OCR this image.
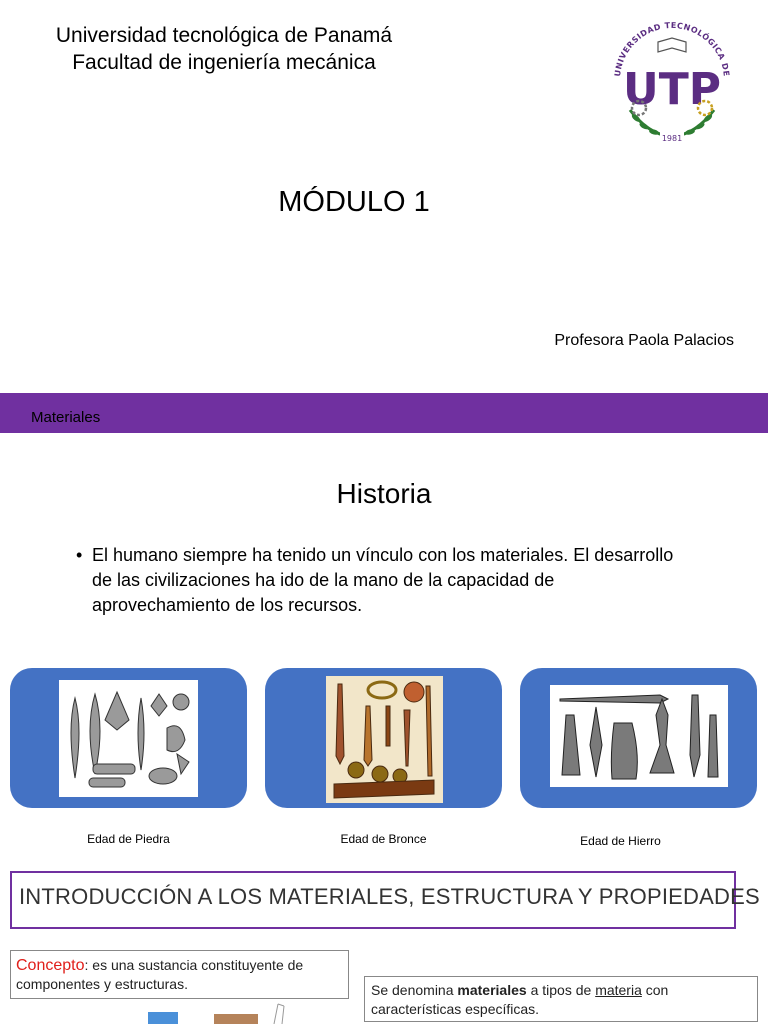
Universidad tecnológica de Panamá
Facultad de ingeniería mecánica	UNIVERSIDAD TECNOLÓGICA DE
UTP
1981
MÓDULO 1
Profesora Paola Palacios
Materiales
Historia
• El humano siempre ha tenido un vínculo con los materiales. El desarrollo de las civilizaciones ha ido de la mano de la capacidad de aprovechamiento de los recursos.
Edad de Piedra	Edad de Bronce	Edad de Hierro
INTRODUCCIÓN A LOS MATERIALES, ESTRUCTURA Y PROPIEDADES
Concepto: es una sustancia constituyente de componentes y estructuras.	Se denomina materiales a tipos de materia con características específicas.
